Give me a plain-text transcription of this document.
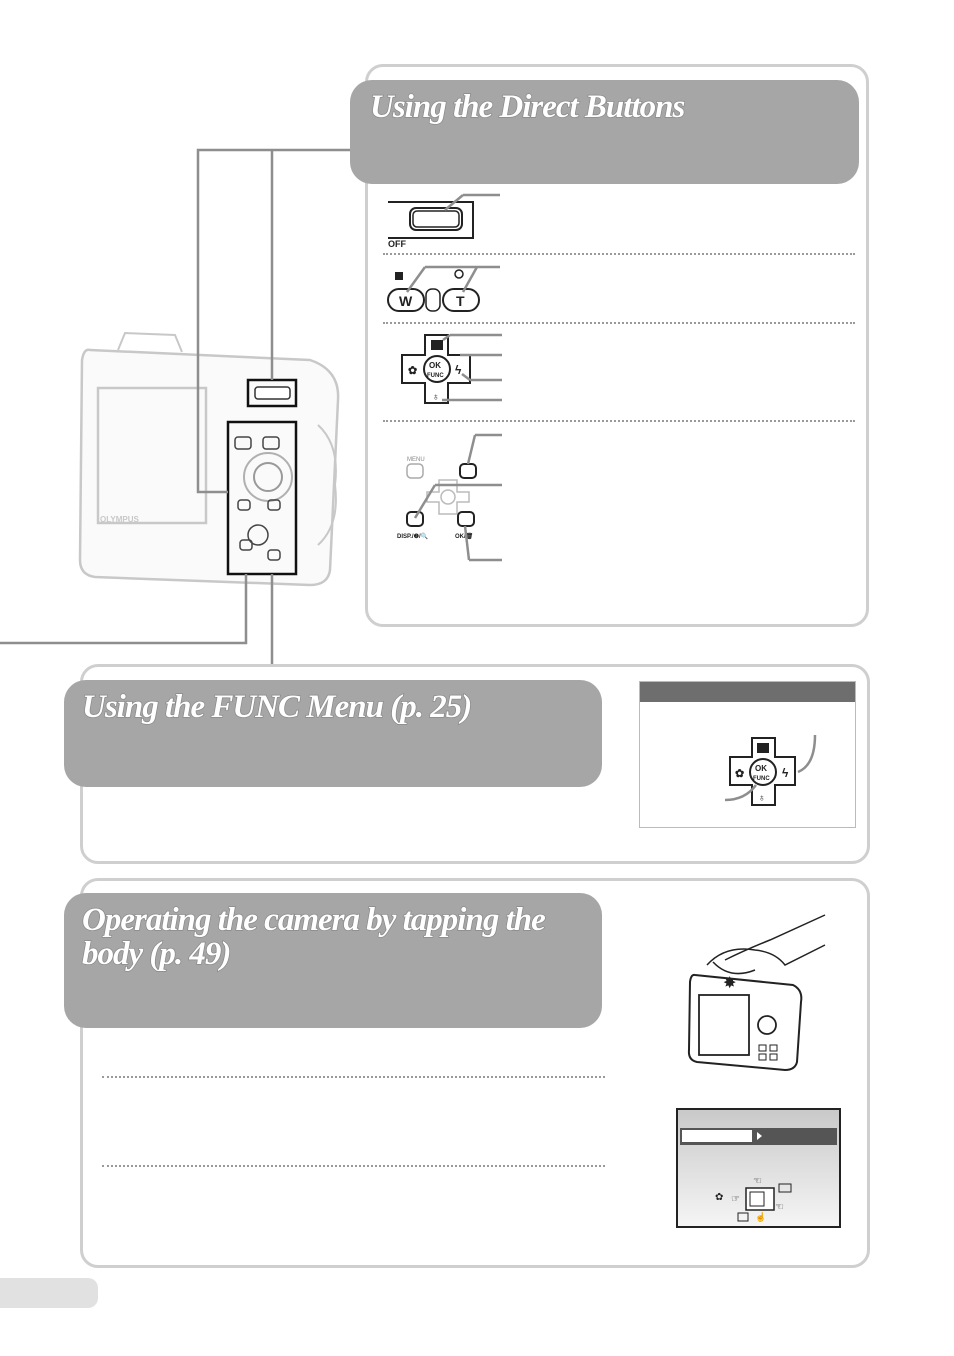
Using the Direct Buttons
OFF
W	T
OK
FUNC ϟ
✿
♁
MENU
DISP./❷/🔍	OK/🗑
OLYMPUS
Using the FUNC Menu (p. 25)
OK
FUNC ϟ
✿
♁
Operating the camera by tapping the
body (p. 49)
✸
✿ ☞
☜
☜
☝
